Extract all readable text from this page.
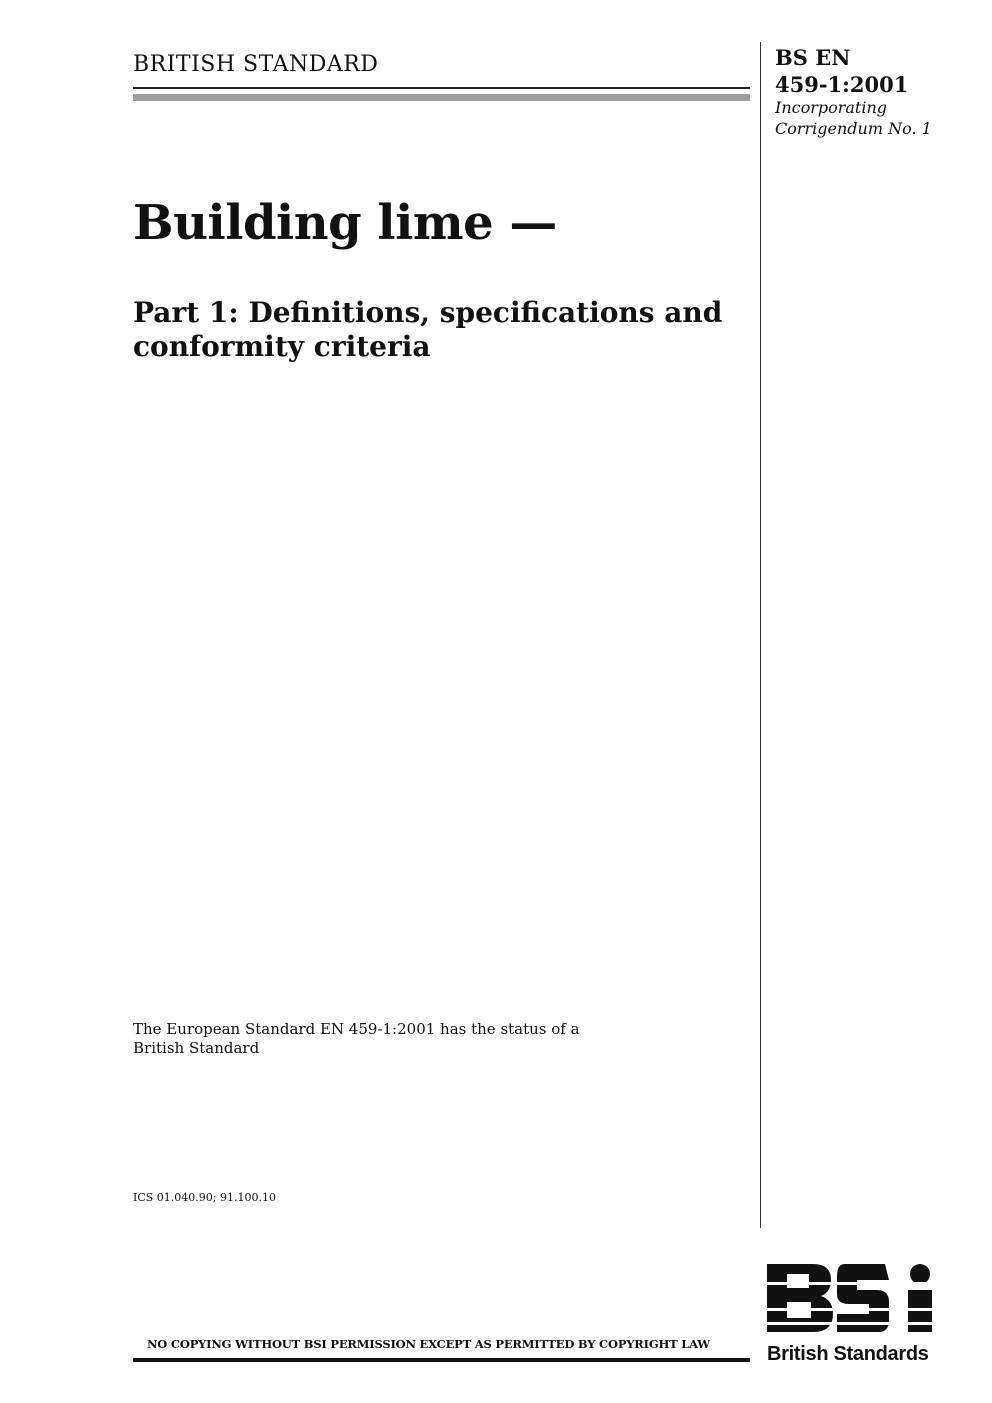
BRITISH STANDARD	BS EN
459-1:2001
Incorporating
Corrigendum No. 1
Building lime —
Part 1: Definitions, specifications and conformity criteria
The European Standard EN 459-1:2001 has the status of a British Standard
ICS 01.040.90; 91.100.10
NO COPYING WITHOUT BSI PERMISSION EXCEPT AS PERMITTED BY COPYRIGHT LAW	British Standards
